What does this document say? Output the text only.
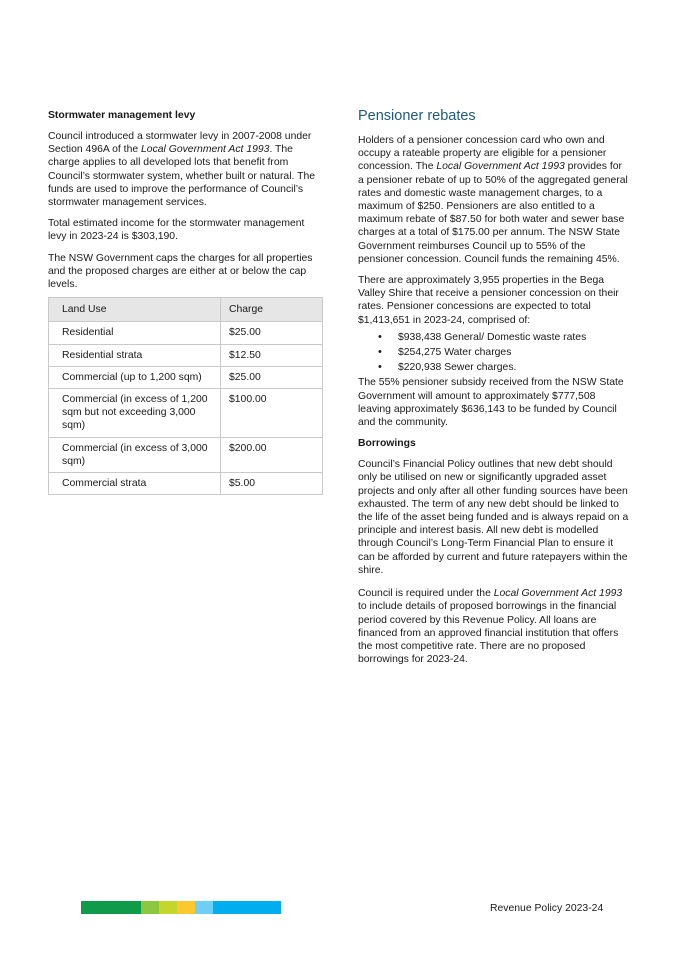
Stormwater management levy

Council introduced a stormwater levy in 2007-2008 under Section 496A of the Local Government Act 1993. The charge applies to all developed lots that benefit from Council’s stormwater system, whether built or natural. The funds are used to improve the performance of Council’s stormwater management services.

Total estimated income for the stormwater management levy in 2023-24 is $303,190.

The NSW Government caps the charges for all properties and the proposed charges are either at or below the cap levels.

Land Use	Charge
Residential	$25.00
Residential strata	$12.50
Commercial (up to 1,200 sqm)	$25.00
Commercial (in excess of 1,200 sqm but not exceeding 3,000 sqm)	$100.00
Commercial (in excess of 3,000 sqm)	$200.00
Commercial strata	$5.00
Pensioner rebates

Holders of a pensioner concession card who own and occupy a rateable property are eligible for a pensioner concession. The Local Government Act 1993 provides for a pensioner rebate of up to 50% of the aggregated general rates and domestic waste management charges, to a maximum of $250. Pensioners are also entitled to a maximum rebate of $87.50 for both water and sewer base charges at a total of $175.00 per annum. The NSW State Government reimburses Council up to 55% of the pensioner concession. Council funds the remaining 45%.

There are approximately 3,955 properties in the Bega Valley Shire that receive a pensioner concession on their rates. Pensioner concessions are expected to total $1,413,651 in 2023-24, comprised of:

• $938,438 General/ Domestic waste rates
• $254,275 Water charges
• $220,938 Sewer charges.

The 55% pensioner subsidy received from the NSW State Government will amount to approximately $777,508 leaving approximately $636,143 to be funded by Council and the community.

Borrowings

Council’s Financial Policy outlines that new debt should only be utilised on new or significantly upgraded asset projects and only after all other funding sources have been exhausted. The term of any new debt should be linked to the life of the asset being funded and is always repaid on a principle and interest basis. All new debt is modelled through Council’s Long-Term Financial Plan to ensure it can be afforded by current and future ratepayers within the shire.

Council is required under the Local Government Act 1993 to include details of proposed borrowings in the financial period covered by this Revenue Policy. All loans are financed from an approved financial institution that offers the most competitive rate. There are no proposed borrowings for 2023-24.

Revenue Policy 2023-24
